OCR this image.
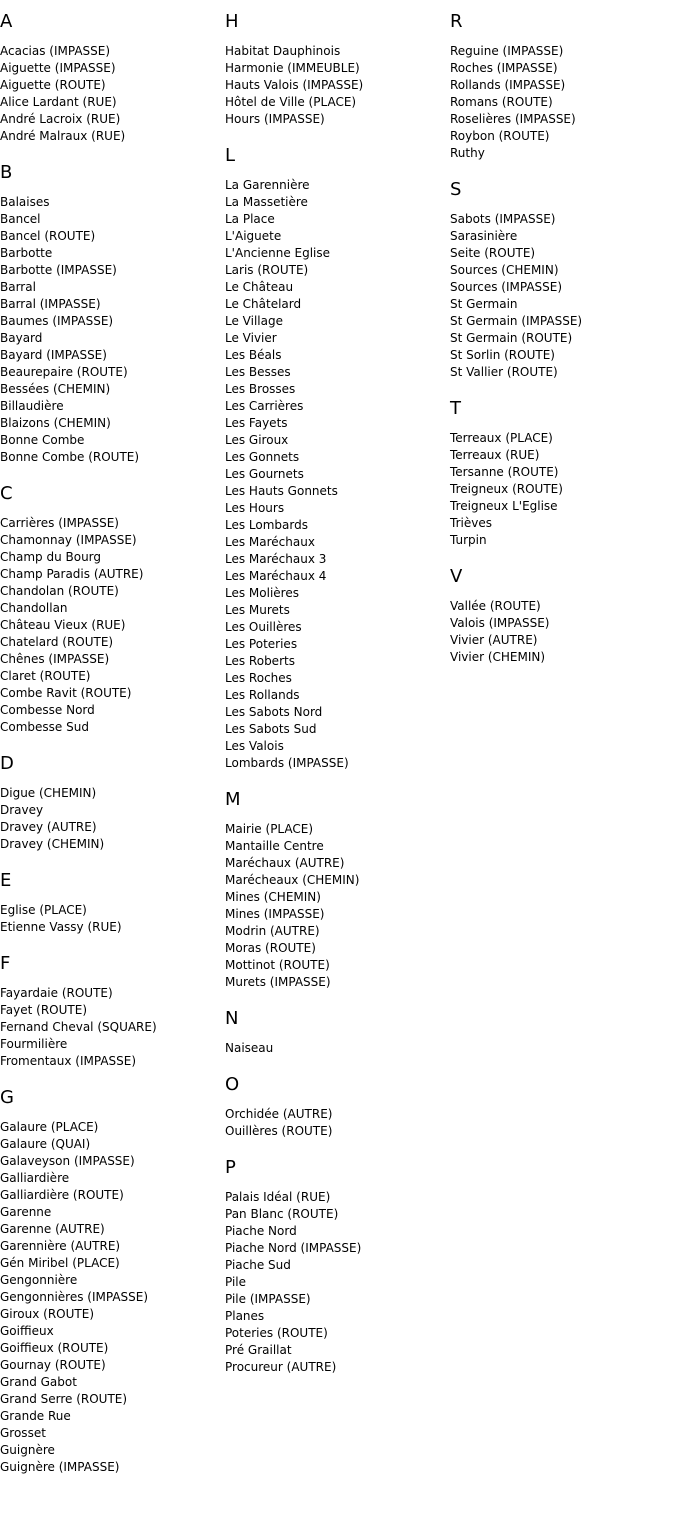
A
Acacias (IMPASSE)
Aiguette (IMPASSE)
Aiguette (ROUTE)
Alice Lardant (RUE)
André Lacroix (RUE)
André Malraux (RUE)
B
Balaises
Bancel
Bancel (ROUTE)
Barbotte
Barbotte (IMPASSE)
Barral
Barral (IMPASSE)
Baumes (IMPASSE)
Bayard
Bayard (IMPASSE)
Beaurepaire (ROUTE)
Bessées (CHEMIN)
Billaudière
Blaizons (CHEMIN)
Bonne Combe
Bonne Combe (ROUTE)
C
Carrières (IMPASSE)
Chamonnay (IMPASSE)
Champ du Bourg
Champ Paradis (AUTRE)
Chandolan (ROUTE)
Chandollan
Château Vieux (RUE)
Chatelard (ROUTE)
Chênes (IMPASSE)
Claret (ROUTE)
Combe Ravit (ROUTE)
Combesse Nord
Combesse Sud
D
Digue (CHEMIN)
Dravey
Dravey (AUTRE)
Dravey (CHEMIN)
E
Eglise (PLACE)
Etienne Vassy (RUE)
F
Fayardaie (ROUTE)
Fayet (ROUTE)
Fernand Cheval (SQUARE)
Fourmilière
Fromentaux (IMPASSE)
G
Galaure (PLACE)
Galaure (QUAI)
Galaveyson (IMPASSE)
Galliardière
Galliardière (ROUTE)
Garenne
Garenne (AUTRE)
Garennière (AUTRE)
Gén Miribel (PLACE)
Gengonnière
Gengonnières (IMPASSE)
Giroux (ROUTE)
Goiffieux
Goiffieux (ROUTE)
Gournay (ROUTE)
Grand Gabot
Grand Serre (ROUTE)
Grande Rue
Grosset
Guignère
Guignère (IMPASSE)
H
Habitat Dauphinois
Harmonie (IMMEUBLE)
Hauts Valois (IMPASSE)
Hôtel de Ville (PLACE)
Hours (IMPASSE)
L
La Garennière
La Massetière
La Place
L'Aiguete
L'Ancienne Eglise
Laris (ROUTE)
Le Château
Le Châtelard
Le Village
Le Vivier
Les Béals
Les Besses
Les Brosses
Les Carrières
Les Fayets
Les Giroux
Les Gonnets
Les Gournets
Les Hauts Gonnets
Les Hours
Les Lombards
Les Maréchaux
Les Maréchaux 3
Les Maréchaux 4
Les Molières
Les Murets
Les Ouillères
Les Poteries
Les Roberts
Les Roches
Les Rollands
Les Sabots Nord
Les Sabots Sud
Les Valois
Lombards (IMPASSE)
M
Mairie (PLACE)
Mantaille Centre
Maréchaux (AUTRE)
Marécheaux (CHEMIN)
Mines (CHEMIN)
Mines (IMPASSE)
Modrin (AUTRE)
Moras (ROUTE)
Mottinot (ROUTE)
Murets (IMPASSE)
N
Naiseau
O
Orchidée (AUTRE)
Ouillères (ROUTE)
P
Palais Idéal (RUE)
Pan Blanc (ROUTE)
Piache Nord
Piache Nord (IMPASSE)
Piache Sud
Pile
Pile (IMPASSE)
Planes
Poteries (ROUTE)
Pré Graillat
Procureur (AUTRE)
R
Reguine (IMPASSE)
Roches (IMPASSE)
Rollands (IMPASSE)
Romans (ROUTE)
Roselières (IMPASSE)
Roybon (ROUTE)
Ruthy
S
Sabots (IMPASSE)
Sarasinière
Seite (ROUTE)
Sources (CHEMIN)
Sources (IMPASSE)
St Germain
St Germain (IMPASSE)
St Germain (ROUTE)
St Sorlin (ROUTE)
St Vallier (ROUTE)
T
Terreaux (PLACE)
Terreaux (RUE)
Tersanne (ROUTE)
Treigneux (ROUTE)
Treigneux L'Eglise
Trièves
Turpin
V
Vallée (ROUTE)
Valois (IMPASSE)
Vivier (AUTRE)
Vivier (CHEMIN)
